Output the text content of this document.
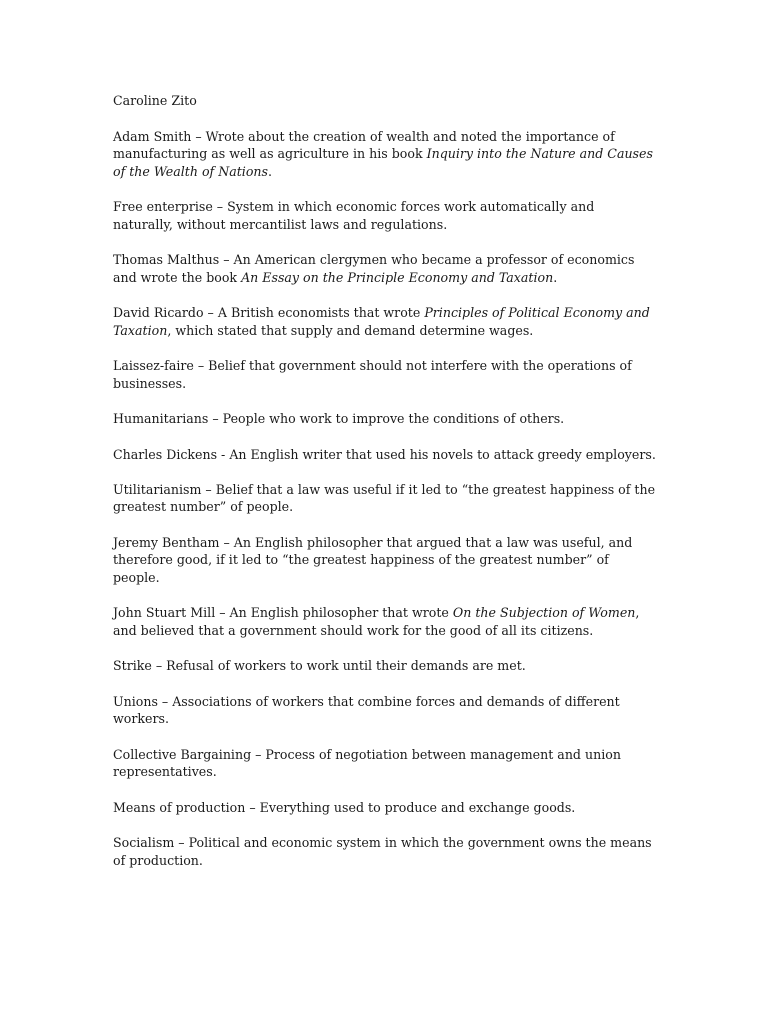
Caroline Zito

Adam Smith – Wrote about the creation of wealth and noted the importance of manufacturing as well as agriculture in his book Inquiry into the Nature and Causes of the Wealth of Nations.

Free enterprise – System in which economic forces work automatically and naturally, without mercantilist laws and regulations.

Thomas Malthus – An American clergymen who became a professor of economics and wrote the book An Essay on the Principle Economy and Taxation.

David Ricardo – A British economists that wrote Principles of Political Economy and Taxation, which stated that supply and demand determine wages.

Laissez-faire – Belief that government should not interfere with the operations of businesses.

Humanitarians – People who work to improve the conditions of others.

Charles Dickens - An English writer that used his novels to attack greedy employers.

Utilitarianism – Belief that a law was useful if it led to “the greatest happiness of the greatest number” of people.

Jeremy Bentham – An English philosopher that argued that a law was useful, and therefore good, if it led to “the greatest happiness of the greatest number” of people.

John Stuart Mill – An English philosopher that wrote On the Subjection of Women, and believed that a government should work for the good of all its citizens.

Strike – Refusal of workers to work until their demands are met.

Unions – Associations of workers that combine forces and demands of different workers.

Collective Bargaining – Process of negotiation between management and union representatives.

Means of production – Everything used to produce and exchange goods.

Socialism – Political and economic system in which the government owns the means of production.
